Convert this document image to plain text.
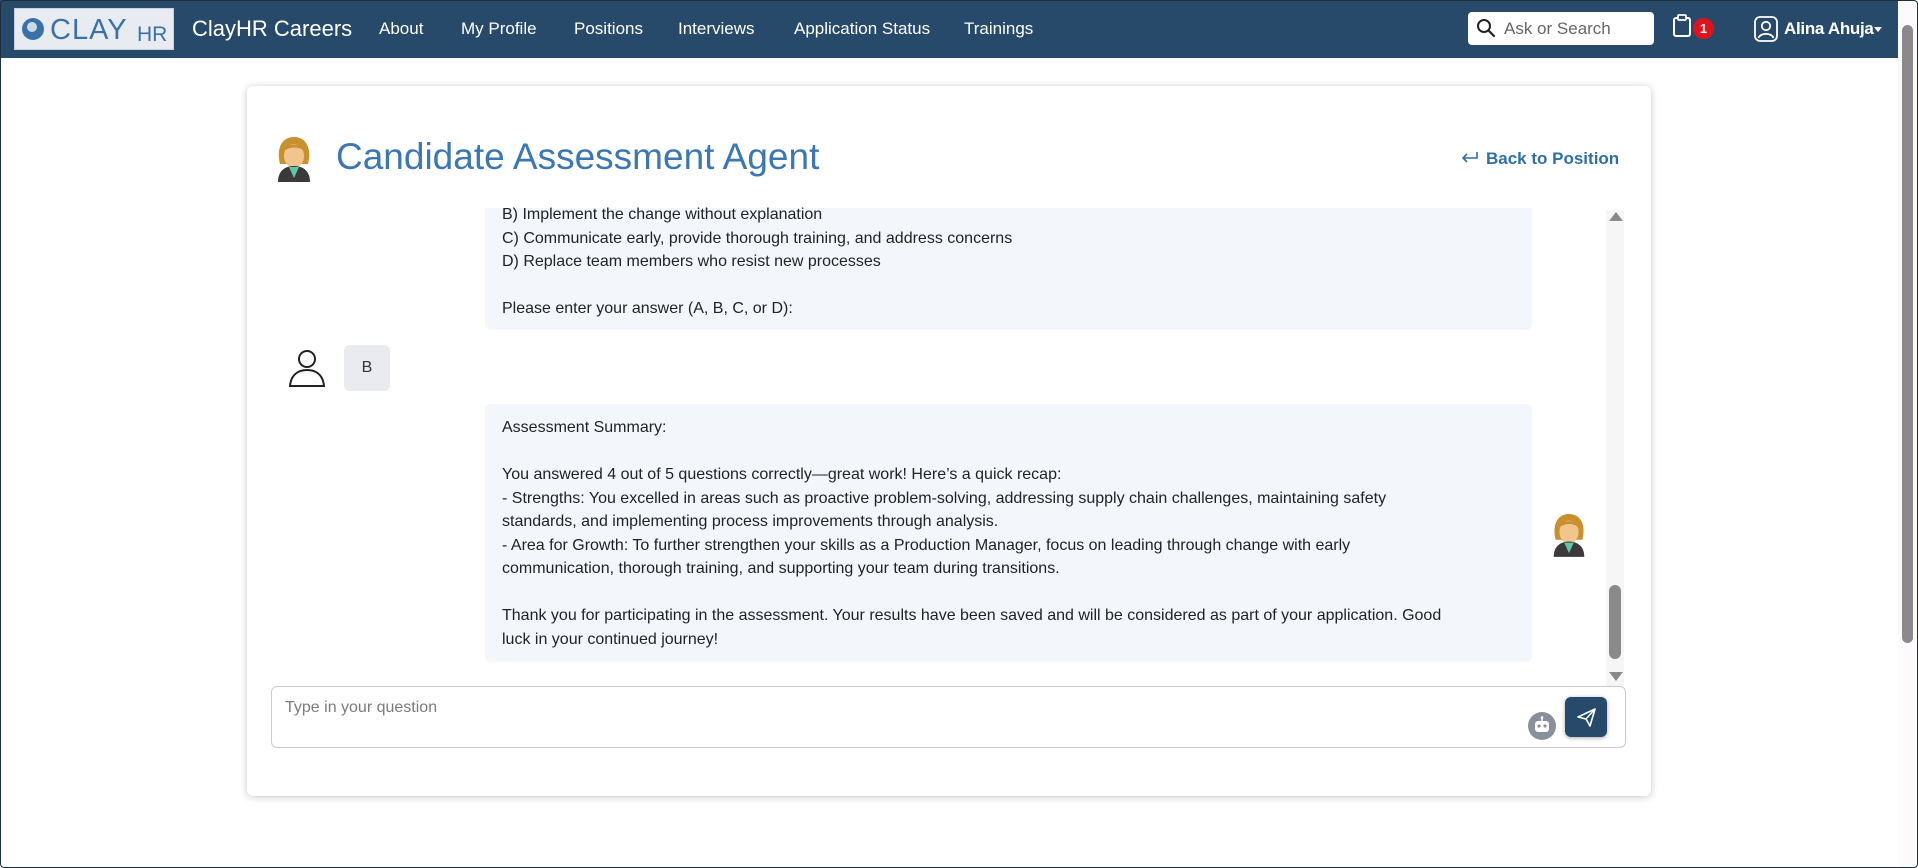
CLAY HR ClayHR Careers About My Profile Positions Interviews Application Status Trainings
Ask or Search	1	Alina Ahuja
Candidate Assessment Agent	Back to Position
B) Implement the change without explanation
C) Communicate early, provide thorough training, and address concerns
D) Replace team members who resist new processes
Please enter your answer (A, B, C, or D):
B
Assessment Summary:
You answered 4 out of 5 questions correctly—great work! Here’s a quick recap:
- Strengths: You excelled in areas such as proactive problem-solving, addressing supply chain challenges, maintaining safety
standards, and implementing process improvements through analysis.
- Area for Growth: To further strengthen your skills as a Production Manager, focus on leading through change with early
communication, thorough training, and supporting your team during transitions.
Thank you for participating in the assessment. Your results have been saved and will be considered as part of your application. Good
luck in your continued journey!
Type in your question
